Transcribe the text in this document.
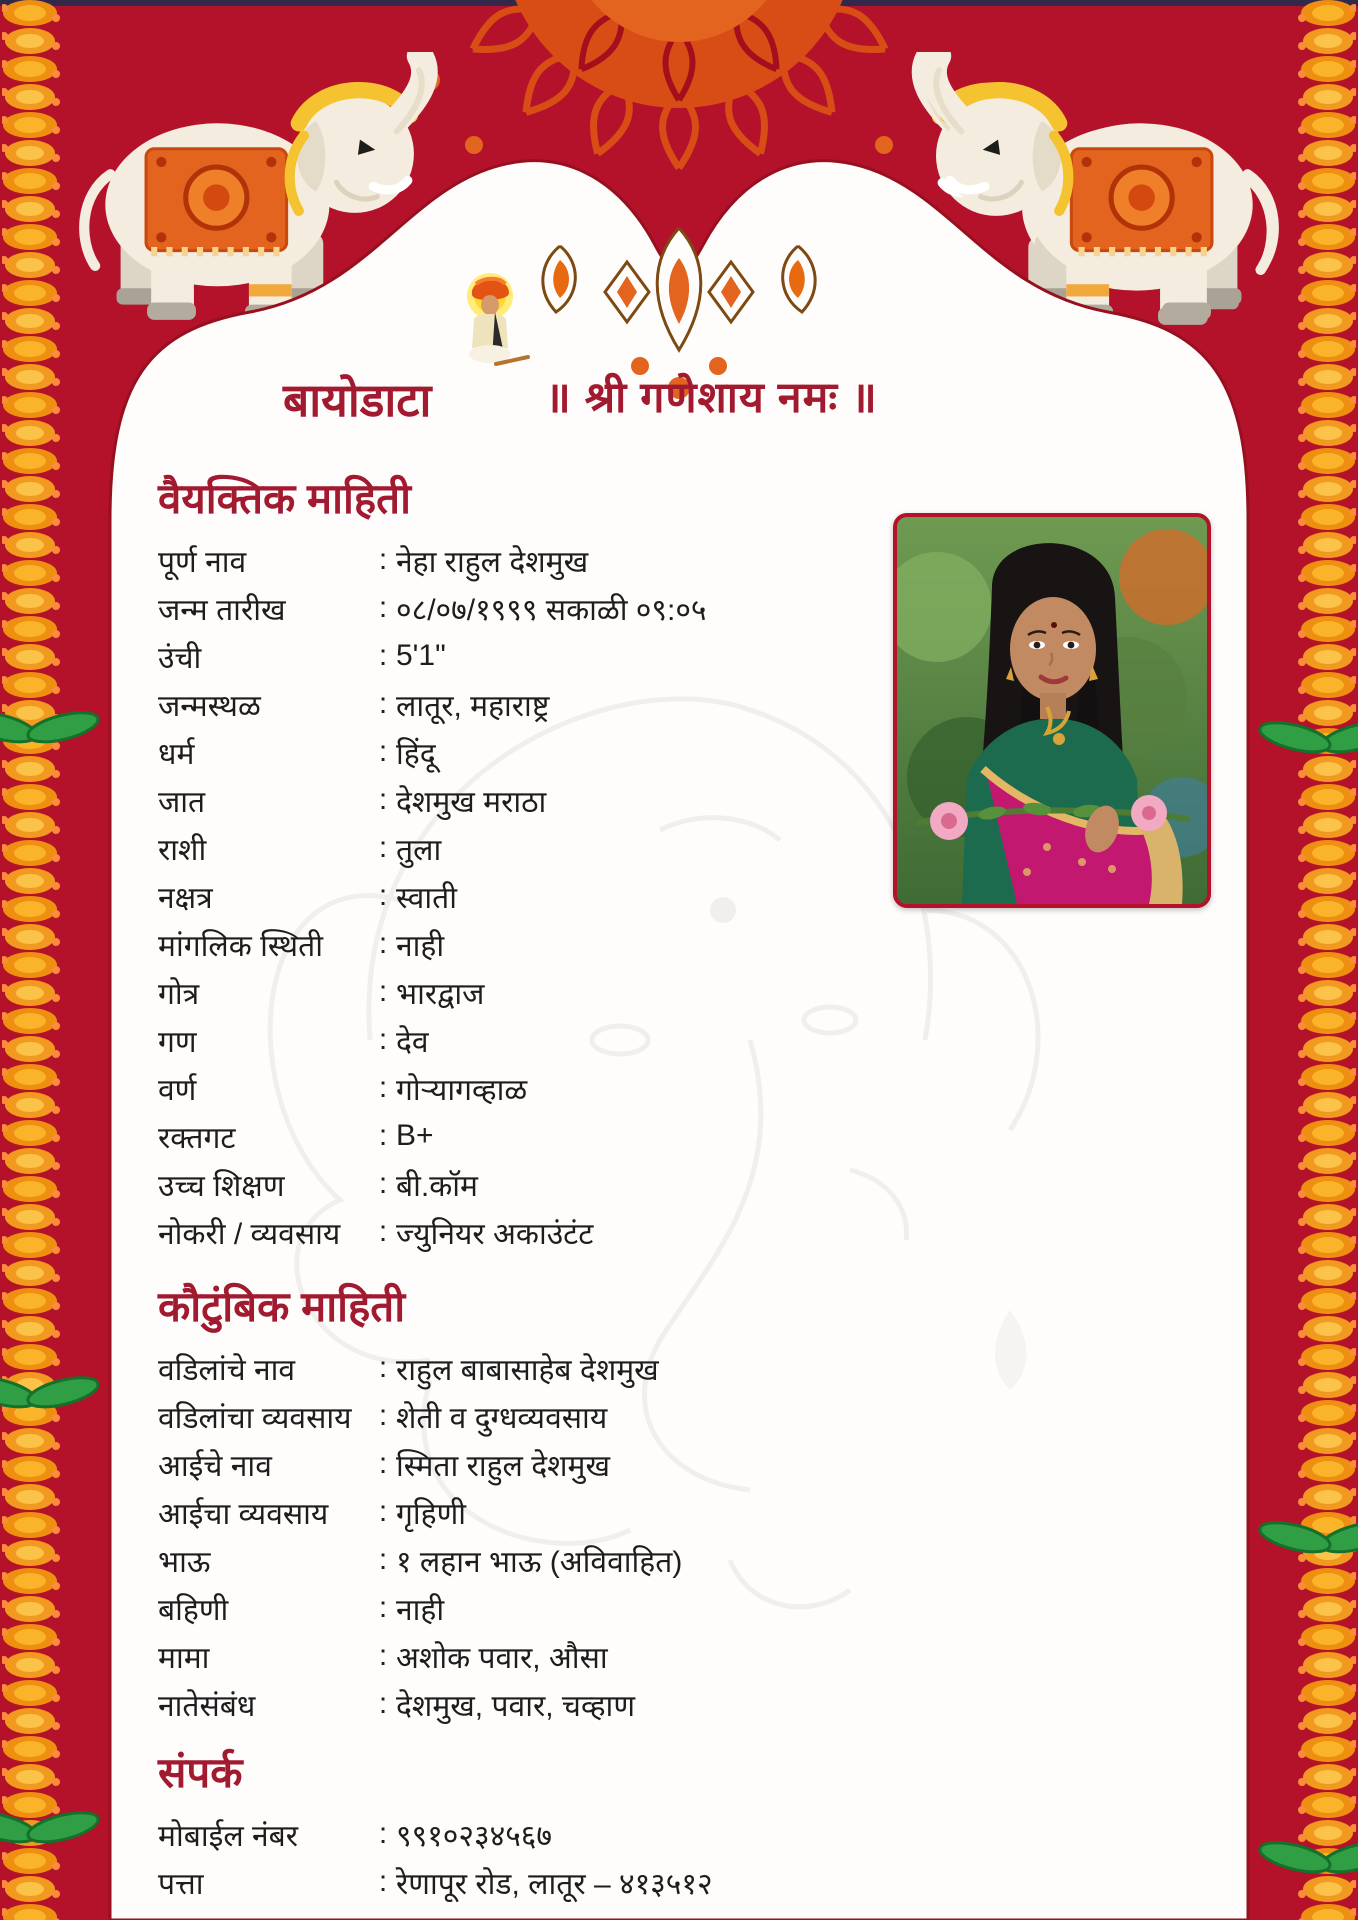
बायोडाटा	॥ श्री गणेशाय नमः ॥
वैयक्तिक माहिती
पूर्ण नाव	: नेहा राहुल देशमुख
जन्म तारीख	: ०८/०७/१९९९ सकाळी ०९:०५
उंची	: 5'1"
जन्मस्थळ	: लातूर, महाराष्ट्र
धर्म	: हिंदू
जात	: देशमुख मराठा
राशी	: तुला
नक्षत्र	: स्वाती
मांगलिक स्थिती	: नाही
गोत्र	: भारद्वाज
गण	: देव
वर्ण	: गोऱ्यागव्हाळ
रक्तगट	: B+
उच्च शिक्षण	: बी.कॉम
नोकरी / व्यवसाय	: ज्युनियर अकाउंटंट
कौटुंबिक माहिती
वडिलांचे नाव	: राहुल बाबासाहेब देशमुख
वडिलांचा व्यवसाय : शेती व दुग्धव्यवसाय
आईचे नाव	: स्मिता राहुल देशमुख
आईचा व्यवसाय	: गृहिणी
भाऊ	: १ लहान भाऊ (अविवाहित)
बहिणी	: नाही
मामा	: अशोक पवार, औसा
नातेसंबंध	: देशमुख, पवार, चव्हाण
संपर्क
मोबाईल नंबर	: ९९१०२३४५६७
पत्ता	: रेणापूर रोड, लातूर – ४१३५१२
